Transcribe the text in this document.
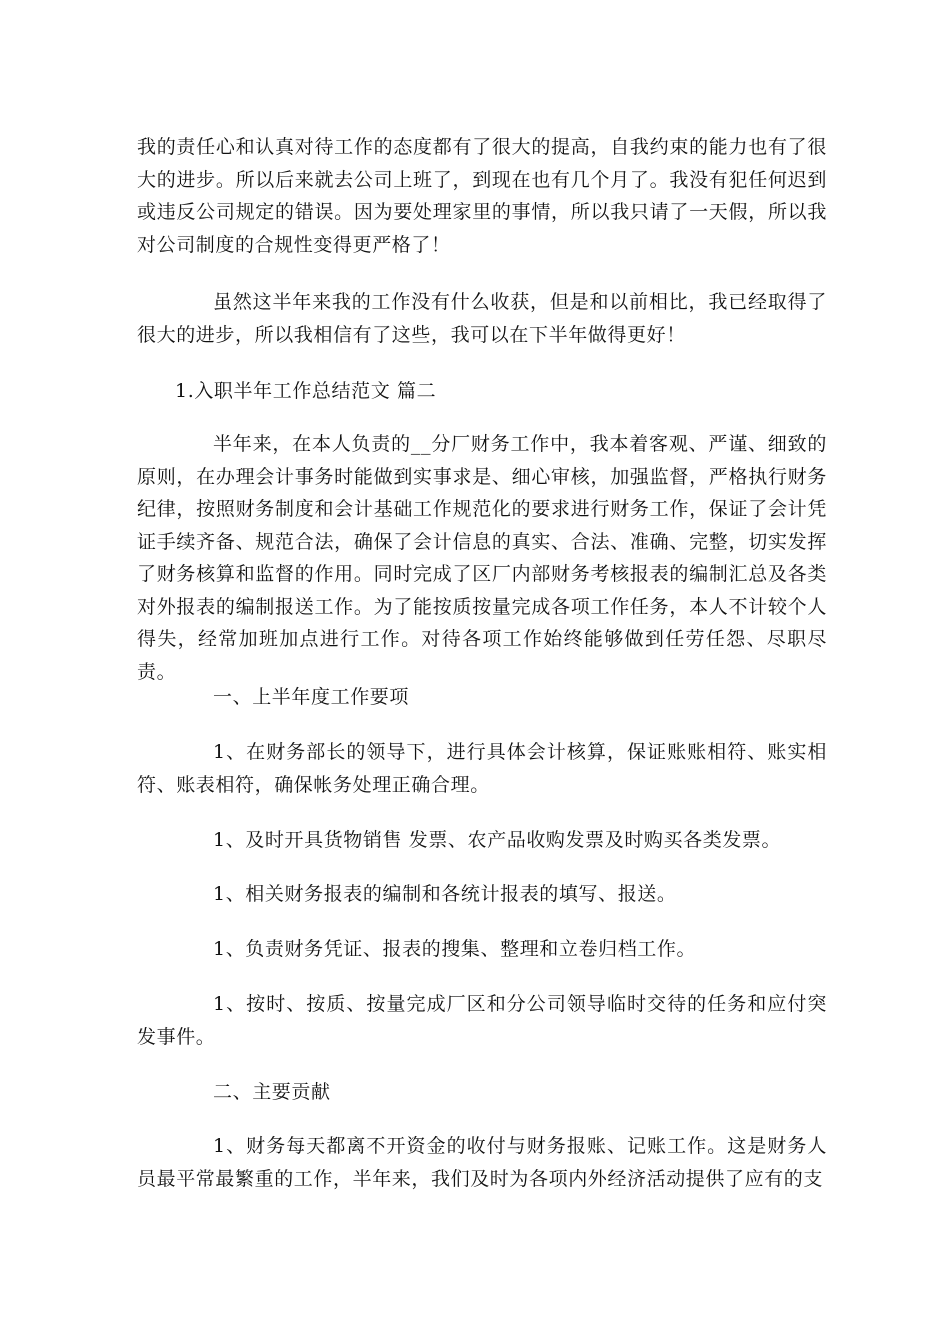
我的责任心和认真对待工作的态度都有了很大的提高，自我约束的能力也有了很大的进步。所以后来就去公司上班了，到现在也有几个月了。我没有犯任何迟到或违反公司规定的错误。因为要处理家里的事情，所以我只请了一天假，所以我对公司制度的合规性变得更严格了！

虽然这半年来我的工作没有什么收获，但是和以前相比，我已经取得了很大的进步，所以我相信有了这些，我可以在下半年做得更好！

1.入职半年工作总结范文 篇二

半年来，在本人负责的__分厂财务工作中，我本着客观、严谨、细致的原则，在办理会计事务时能做到实事求是、细心审核，加强监督，严格执行财务纪律，按照财务制度和会计基础工作规范化的要求进行财务工作，保证了会计凭证手续齐备、规范合法，确保了会计信息的真实、合法、准确、完整，切实发挥了财务核算和监督的作用。同时完成了区厂内部财务考核报表的编制汇总及各类对外报表的编制报送工作。为了能按质按量完成各项工作任务，本人不计较个人得失，经常加班加点进行工作。对待各项工作始终能够做到任劳任怨、尽职尽责。

一、上半年度工作要项

1、在财务部长的领导下，进行具体会计核算，保证账账相符、账实相符、账表相符，确保帐务处理正确合理。

1、及时开具货物销售 发票、农产品收购发票及时购买各类发票。

1、相关财务报表的编制和各统计报表的填写、报送。

1、负责财务凭证、报表的搜集、整理和立卷归档工作。

1、按时、按质、按量完成厂区和分公司领导临时交待的任务和应付突发事件。

二、主要贡献

1、财务每天都离不开资金的收付与财务报账、记账工作。这是财务人员最平常最繁重的工作，半年来，我们及时为各项内外经济活动提供了应有的支
